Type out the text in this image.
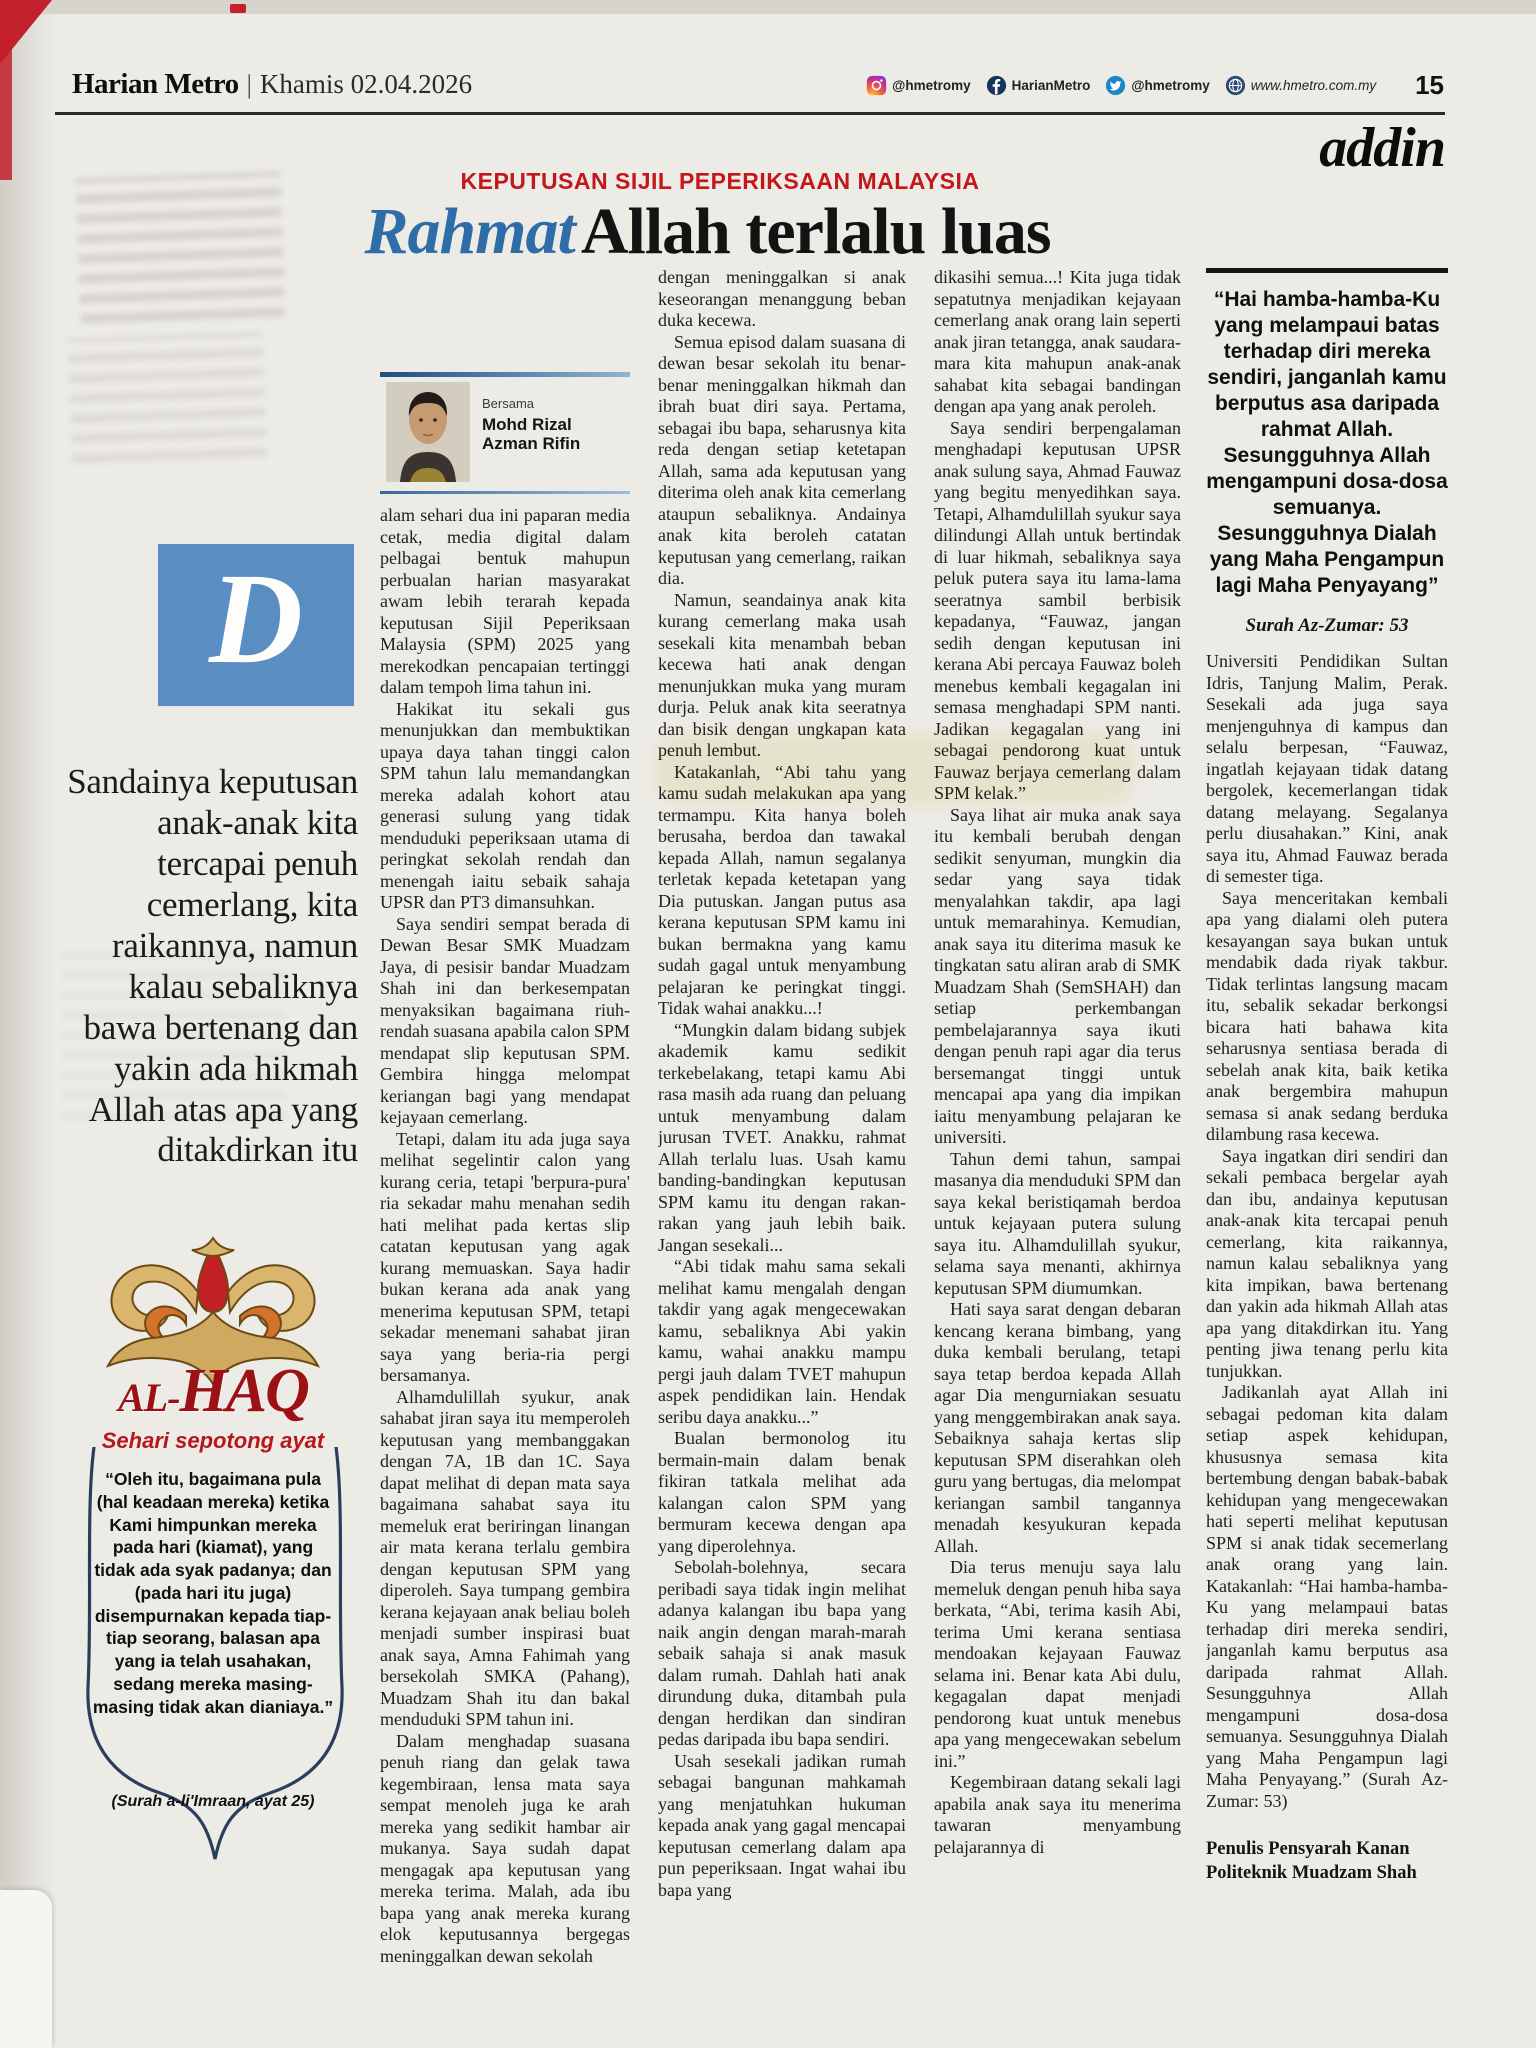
Harian Metro | Khamis 02.04.2026	@hmetromy	HarianMetro	@hmetromy	www.hmetro.com.my 15
addin
KEPUTUSAN SIJIL PEPERIKSAAN MALAYSIA
RahmatAllah terlalu luas
Bersama
Mohd Rizal
Azman Rifin
D
Sandainya keputusan anak-anak kita tercapai penuh cemerlang, kita raikannya, namun kalau sebaliknya bawa bertenang dan yakin ada hikmah Allah atas apa yang ditakdirkan itu
AL-HAQ
Sehari sepotong ayat
“Oleh itu, bagaimana pula (hal keadaan mereka) ketika Kami himpunkan mereka pada hari (kiamat), yang tidak ada syak padanya; dan (pada hari itu juga) disempurnakan kepada tiap-tiap seorang, balasan apa yang ia telah usahakan, sedang mereka masing-masing tidak akan dianiaya.”
(Surah a-li'Imraan, ayat 25)

alam sehari dua ini paparan media cetak, media digital dalam pelbagai bentuk mahupun perbualan harian masyarakat awam lebih terarah kepada keputusan Sijil Peperiksaan Malaysia (SPM) 2025 yang merekodkan pencapaian tertinggi dalam tempoh lima tahun ini.

Hakikat itu sekali gus menunjukkan dan membuktikan upaya daya tahan tinggi calon SPM tahun lalu memandangkan mereka adalah kohort atau generasi sulung yang tidak menduduki peperiksaan utama di peringkat sekolah rendah dan menengah iaitu sebaik sahaja UPSR dan PT3 dimansuhkan.

Saya sendiri sempat berada di Dewan Besar SMK Muadzam Jaya, di pesisir bandar Muadzam Shah ini dan berkesempatan menyaksikan bagaimana riuh-rendah suasana apabila calon SPM mendapat slip keputusan SPM. Gembira hingga melompat keriangan bagi yang mendapat kejayaan cemerlang.

Tetapi, dalam itu ada juga saya melihat segelintir calon yang kurang ceria, tetapi 'berpura-pura' ria sekadar mahu menahan sedih hati melihat pada kertas slip catatan keputusan yang agak kurang memuaskan. Saya hadir bukan kerana ada anak yang menerima keputusan SPM, tetapi sekadar menemani sahabat jiran saya yang beria-ria pergi bersamanya.

Alhamdulillah syukur, anak sahabat jiran saya itu memperoleh keputusan yang membanggakan dengan 7A, 1B dan 1C. Saya dapat melihat di depan mata saya bagaimana sahabat saya itu memeluk erat beriringan linangan air mata kerana terlalu gembira dengan keputusan SPM yang diperoleh. Saya tumpang gembira kerana kejayaan anak beliau boleh menjadi sumber inspirasi buat anak saya, Amna Fahimah yang bersekolah SMKA (Pahang), Muadzam Shah itu dan bakal menduduki SPM tahun ini.

Dalam menghadap suasana penuh riang dan gelak tawa kegembiraan, lensa mata saya sempat menoleh juga ke arah mereka yang sedikit hambar air mukanya. Saya sudah dapat mengagak apa keputusan yang mereka terima. Malah, ada ibu bapa yang anak mereka kurang elok keputusannya bergegas meninggalkan dewan sekolah

dengan meninggalkan si anak keseorangan menanggung beban duka kecewa.

Semua episod dalam suasana di dewan besar sekolah itu benar-benar meninggalkan hikmah dan ibrah buat diri saya. Pertama, sebagai ibu bapa, seharusnya kita reda dengan setiap ketetapan Allah, sama ada keputusan yang diterima oleh anak kita cemerlang ataupun sebaliknya. Andainya anak kita beroleh catatan keputusan yang cemerlang, raikan dia.

Namun, seandainya anak kita kurang cemerlang maka usah sesekali kita menambah beban kecewa hati anak dengan menunjukkan muka yang muram durja. Peluk anak kita seeratnya dan bisik dengan ungkapan kata penuh lembut.

Katakanlah, “Abi tahu yang kamu sudah melakukan apa yang termampu. Kita hanya boleh berusaha, berdoa dan tawakal kepada Allah, namun segalanya terletak kepada ketetapan yang Dia putuskan. Jangan putus asa kerana keputusan SPM kamu ini bukan bermakna yang kamu sudah gagal untuk menyambung pelajaran ke peringkat tinggi. Tidak wahai anakku...!

“Mungkin dalam bidang subjek akademik kamu sedikit terkebelakang, tetapi kamu Abi rasa masih ada ruang dan peluang untuk menyambung dalam jurusan TVET. Anakku, rahmat Allah terlalu luas. Usah kamu banding-bandingkan keputusan SPM kamu itu dengan rakan-rakan yang jauh lebih baik. Jangan sesekali...

“Abi tidak mahu sama sekali melihat kamu mengalah dengan takdir yang agak mengecewakan kamu, sebaliknya Abi yakin kamu, wahai anakku mampu pergi jauh dalam TVET mahupun aspek pendidikan lain. Hendak seribu daya anakku...”

Bualan bermonolog itu bermain-main dalam benak fikiran tatkala melihat ada kalangan calon SPM yang bermuram kecewa dengan apa yang diperolehnya.

Sebolah-bolehnya, secara peribadi saya tidak ingin melihat adanya kalangan ibu bapa yang naik angin dengan marah-marah sebaik sahaja si anak masuk dalam rumah. Dahlah hati anak dirundung duka, ditambah pula dengan herdikan dan sindiran pedas daripada ibu bapa sendiri.

Usah sesekali jadikan rumah sebagai bangunan mahkamah yang menjatuhkan hukuman kepada anak yang gagal mencapai keputusan cemerlang dalam apa pun peperiksaan. Ingat wahai ibu bapa yang

dikasihi semua...! Kita juga tidak sepatutnya menjadikan kejayaan cemerlang anak orang lain seperti anak jiran tetangga, anak saudara-mara kita mahupun anak-anak sahabat kita sebagai bandingan dengan apa yang anak peroleh.

Saya sendiri berpengalaman menghadapi keputusan UPSR anak sulung saya, Ahmad Fauwaz yang begitu menyedihkan saya. Tetapi, Alhamdulillah syukur saya dilindungi Allah untuk bertindak di luar hikmah, sebaliknya saya peluk putera saya itu lama-lama seeratnya sambil berbisik kepadanya, “Fauwaz, jangan sedih dengan keputusan ini kerana Abi percaya Fauwaz boleh menebus kembali kegagalan ini semasa menghadapi SPM nanti. Jadikan kegagalan yang ini sebagai pendorong kuat untuk Fauwaz berjaya cemerlang dalam SPM kelak.”

Saya lihat air muka anak saya itu kembali berubah dengan sedikit senyuman, mungkin dia sedar yang saya tidak menyalahkan takdir, apa lagi untuk memarahinya. Kemudian, anak saya itu diterima masuk ke tingkatan satu aliran arab di SMK Muadzam Shah (SemSHAH) dan setiap perkembangan pembelajarannya saya ikuti dengan penuh rapi agar dia terus bersemangat tinggi untuk mencapai apa yang dia impikan iaitu menyambung pelajaran ke universiti.

Tahun demi tahun, sampai masanya dia menduduki SPM dan saya kekal beristiqamah berdoa untuk kejayaan putera sulung saya itu. Alhamdulillah syukur, selama saya menanti, akhirnya keputusan SPM diumumkan.

Hati saya sarat dengan debaran kencang kerana bimbang, yang duka kembali berulang, tetapi saya tetap berdoa kepada Allah agar Dia mengurniakan sesuatu yang menggembirakan anak saya. Sebaiknya sahaja kertas slip keputusan SPM diserahkan oleh guru yang bertugas, dia melompat keriangan sambil tangannya menadah kesyukuran kepada Allah.

Dia terus menuju saya lalu memeluk dengan penuh hiba saya berkata, “Abi, terima kasih Abi, terima Umi kerana sentiasa mendoakan kejayaan Fauwaz selama ini. Benar kata Abi dulu, kegagalan dapat menjadi pendorong kuat untuk menebus apa yang mengecewakan sebelum ini.”

Kegembiraan datang sekali lagi apabila anak saya itu menerima tawaran menyambung pelajarannya di

“Hai hamba-hamba-Ku yang melampaui batas terhadap diri mereka sendiri, janganlah kamu berputus asa daripada rahmat Allah. Sesungguhnya Allah mengampuni dosa-dosa semuanya. Sesungguhnya Dialah yang Maha Pengampun lagi Maha Penyayang”
Surah Az-Zumar: 53

Universiti Pendidikan Sultan Idris, Tanjung Malim, Perak. Sesekali ada juga saya menjenguhnya di kampus dan selalu berpesan, “Fauwaz, ingatlah kejayaan tidak datang bergolek, kecemerlangan tidak datang melayang. Segalanya perlu diusahakan.” Kini, anak saya itu, Ahmad Fauwaz berada di semester tiga.

Saya menceritakan kembali apa yang dialami oleh putera kesayangan saya bukan untuk mendabik dada riyak takbur. Tidak terlintas langsung macam itu, sebalik sekadar berkongsi bicara hati bahawa kita seharusnya sentiasa berada di sebelah anak kita, baik ketika anak bergembira mahupun semasa si anak sedang berduka dilambung rasa kecewa.

Saya ingatkan diri sendiri dan sekali pembaca bergelar ayah dan ibu, andainya keputusan anak-anak kita tercapai penuh cemerlang, kita raikannya, namun kalau sebaliknya yang kita impikan, bawa bertenang dan yakin ada hikmah Allah atas apa yang ditakdirkan itu. Yang penting jiwa tenang perlu kita tunjukkan.

Jadikanlah ayat Allah ini sebagai pedoman kita dalam setiap aspek kehidupan, khususnya semasa kita bertembung dengan babak-babak kehidupan yang mengecewakan hati seperti melihat keputusan SPM si anak tidak secemerlang anak orang yang lain. Katakanlah: “Hai hamba-hamba-Ku yang melampaui batas terhadap diri mereka sendiri, janganlah kamu berputus asa daripada rahmat Allah. Sesungguhnya Allah mengampuni dosa-dosa semuanya. Sesungguhnya Dialah yang Maha Pengampun lagi Maha Penyayang.” (Surah Az-Zumar: 53)

Penulis Pensyarah Kanan Politeknik Muadzam Shah
